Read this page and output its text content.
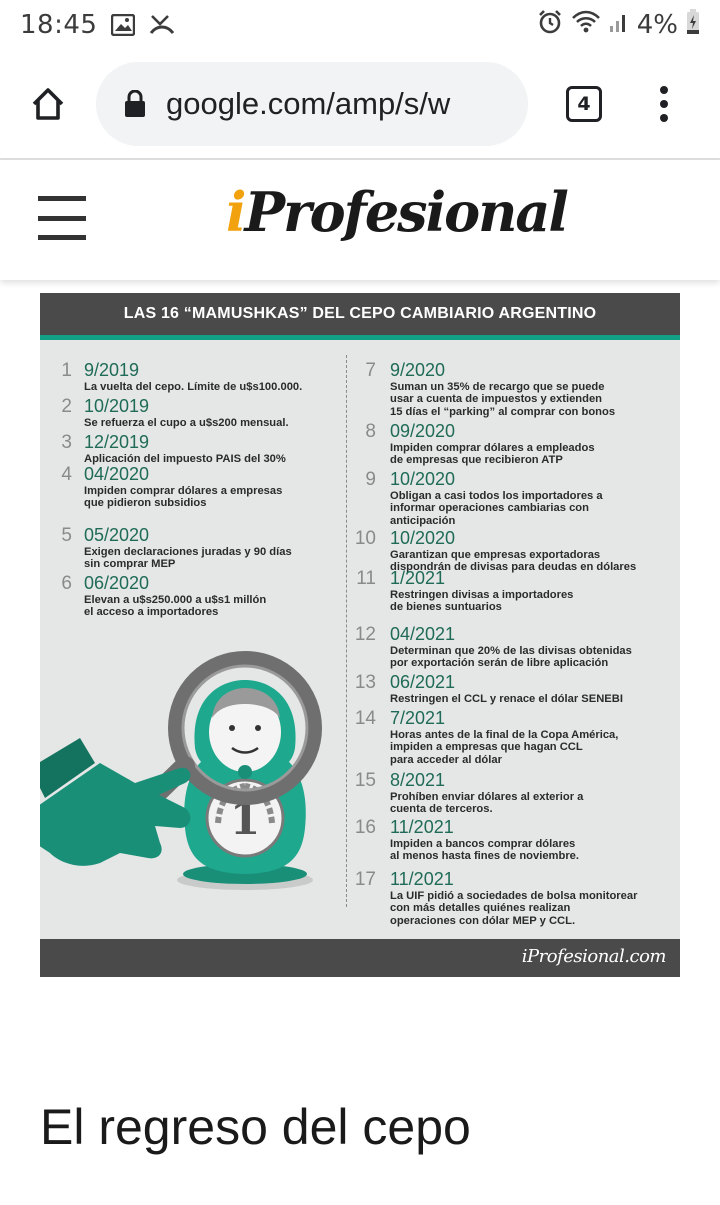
18:45	4%
google.com/amp/s/w	4
iProfesional
LAS 16 “MAMUSHKAS” DEL CEPO CAMBIARIO ARGENTINO
1 9/2019
La vuelta del cepo. Límite de u$s100.000.
2 10/2019
Se refuerza el cupo a u$s200 mensual.
3 12/2019
Aplicación del impuesto PAIS del 30%
4 04/2020
Impiden comprar dólares a empresas
que pidieron subsidios
5 05/2020
Exigen declaraciones juradas y 90 días
sin comprar MEP
6 06/2020
Elevan a u$s250.000 a u$s1 millón
el acceso a importadores
7 9/2020
Suman un 35% de recargo que se puede
usar a cuenta de impuestos y extienden
15 días el “parking” al comprar con bonos
8 09/2020
Impiden comprar dólares a empleados
de empresas que recibieron ATP
9 10/2020
Obligan a casi todos los importadores a
informar operaciones cambiarias con
anticipación
10 10/2020
Garantizan que empresas exportadoras
dispondrán de divisas para deudas en dólares
11 1/2021
Restringen divisas a importadores
de bienes suntuarios
12 04/2021
Determinan que 20% de las divisas obtenidas
por exportación serán de libre aplicación
13 06/2021
Restringen el CCL y renace el dólar SENEBI
14 7/2021
Horas antes de la final de la Copa América,
impiden a empresas que hagan CCL
para acceder al dólar
15 8/2021
Prohíben enviar dólares al exterior a
cuenta de terceros.
16 11/2021
Impiden a bancos comprar dólares
al menos hasta fines de noviembre.
17 11/2021
La UIF pidió a sociedades de bolsa monitorear
con más detalles quiénes realizan
operaciones con dólar MEP y CCL.
1
iProfesional.com
El regreso del cepo
